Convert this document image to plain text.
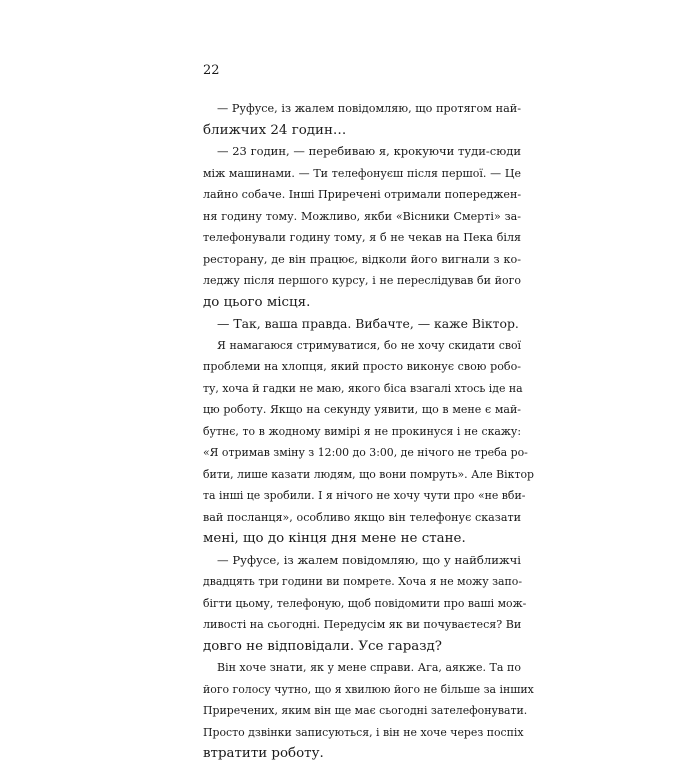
22
— Руфусе, із жалем повідомляю, що протягом най-
ближчих 24 годин…
— 23 годин, — перебиваю я, крокуючи туди-сюди
між машинами. — Ти телефонуєш після першої. — Це
лайно собаче. Інші Приречені отримали попереджен-
ня годину тому. Можливо, якби «Вісники Смерті» за-
телефонували годину тому, я б не чекав на Пека біля
ресторану, де він працює, відколи його вигнали з ко-
леджу після першого курсу, і не переслідував би його
до цього місця.
— Так, ваша правда. Вибачте, — каже Віктор.
Я намагаюся стримуватися, бо не хочу скидати свої
проблеми на хлопця, який просто виконує свою робо-
ту, хоча й гадки не маю, якого біса взагалі хтось іде на
цю роботу. Якщо на секунду уявити, що в мене є май-
бутнє, то в жодному вимірі я не прокинуся і не скажу:
«Я отримав зміну з 12:00 до 3:00, де нічого не треба ро-
бити, лише казати людям, що вони помруть». Але Віктор
та інші це зробили. І я нічого не хочу чути про «не вби-
вай посланця», особливо якщо він телефонує сказати
мені, що до кінця дня мене не стане.
— Руфусе, із жалем повідомляю, що у найближчі
двадцять три години ви помрете. Хоча я не можу запо-
бігти цьому, телефоную, щоб повідомити про ваші мож-
ливості на сьогодні. Передусім як ви почуваєтеся? Ви
довго не відповідали. Усе гаразд?
Він хоче знати, як у мене справи. Ага, аякже. Та по
його голосу чутно, що я хвилюю його не більше за інших
Приречених, яким він ще має сьогодні зателефонувати.
Просто дзвінки записуються, і він не хоче через поспіх
втратити роботу.
